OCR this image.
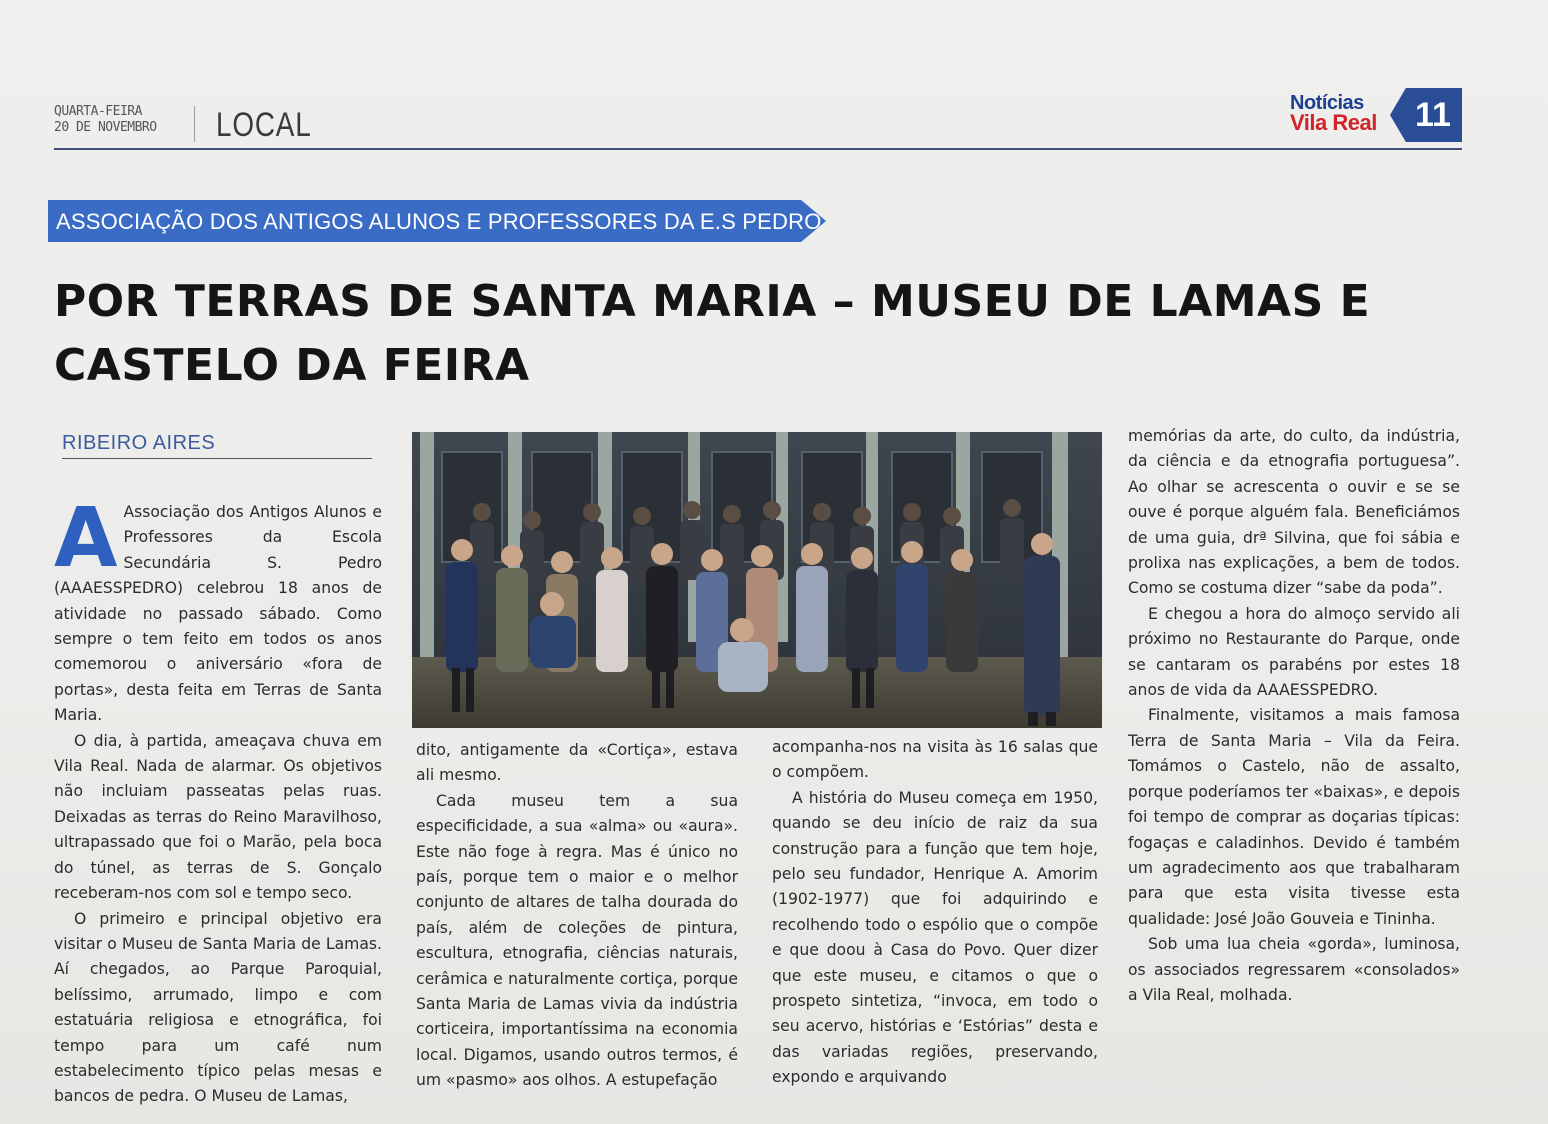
QUARTA-FEIRA
20 DE NOVEMBRO LOCAL
Notícias
Vila Real	11
ASSOCIAÇÃO DOS ANTIGOS ALUNOS E PROFESSORES DA E.S PEDRO
POR TERRAS DE SANTA MARIA – MUSEU DE LAMAS E CASTELO DA FEIRA
RIBEIRO AIRES

A Associação dos Antigos Alunos e Professores da Escola Secundária S. Pedro (AAAESSPEDRO) celebrou 18 anos de atividade no passado sábado. Como sempre o tem feito em todos os anos comemorou o aniversário «fora de portas», desta feita em Terras de Santa Maria.

O dia, à partida, ameaçava chuva em Vila Real. Nada de alarmar. Os objetivos não incluiam passeatas pelas ruas. Deixadas as terras do Reino Maravilhoso, ultrapassado que foi o Marão, pela boca do túnel, as terras de S. Gonçalo receberam-nos com sol e tempo seco.

O primeiro e principal objetivo era visitar o Museu de Santa Maria de Lamas. Aí chegados, ao Parque Paroquial, belíssimo, arrumado, limpo e com estatuária religiosa e etnográfica, foi tempo para um café num estabelecimento típico pelas mesas e bancos de pedra. O Museu de Lamas,

dito, antigamente da «Cortiça», estava ali mesmo.

Cada museu tem a sua especificidade, a sua «alma» ou «aura». Este não foge à regra. Mas é único no país, porque tem o maior e o melhor conjunto de altares de talha dourada do país, além de coleções de pintura, escultura, etnografia, ciências naturais, cerâmica e naturalmente cortiça, porque Santa Maria de Lamas vivia da indústria corticeira, importantíssima na economia local. Digamos, usando outros termos, é um «pasmo» aos olhos. A estupefação

acompanha-nos na visita às 16 salas que o compõem.

A história do Museu começa em 1950, quando se deu início de raiz da sua construção para a função que tem hoje, pelo seu fundador, Henrique A. Amorim (1902-1977) que foi adquirindo e recolhendo todo o espólio que o compõe e que doou à Casa do Povo. Quer dizer que este museu, e citamos o que o prospeto sintetiza, “invoca, em todo o seu acervo, histórias e ‘Estórias” desta e das variadas regiões, preservando, expondo e arquivando

memórias da arte, do culto, da indústria, da ciência e da etnografia portuguesa”. Ao olhar se acrescenta o ouvir e se se ouve é porque alguém fala. Beneficiámos de uma guia, drª Silvina, que foi sábia e prolixa nas explicações, a bem de todos. Como se costuma dizer “sabe da poda”.

E chegou a hora do almoço servido ali próximo no Restaurante do Parque, onde se cantaram os parabéns por estes 18 anos de vida da AAAESSPEDRO.

Finalmente, visitamos a mais famosa Terra de Santa Maria – Vila da Feira. Tomámos o Castelo, não de assalto, porque poderíamos ter «baixas», e depois foi tempo de comprar as doçarias típicas: fogaças e caladinhos. Devido é também um agradecimento aos que trabalharam para que esta visita tivesse esta qualidade: José João Gouveia e Tininha.

Sob uma lua cheia «gorda», luminosa, os associados regressarem «consolados» a Vila Real, molhada.
